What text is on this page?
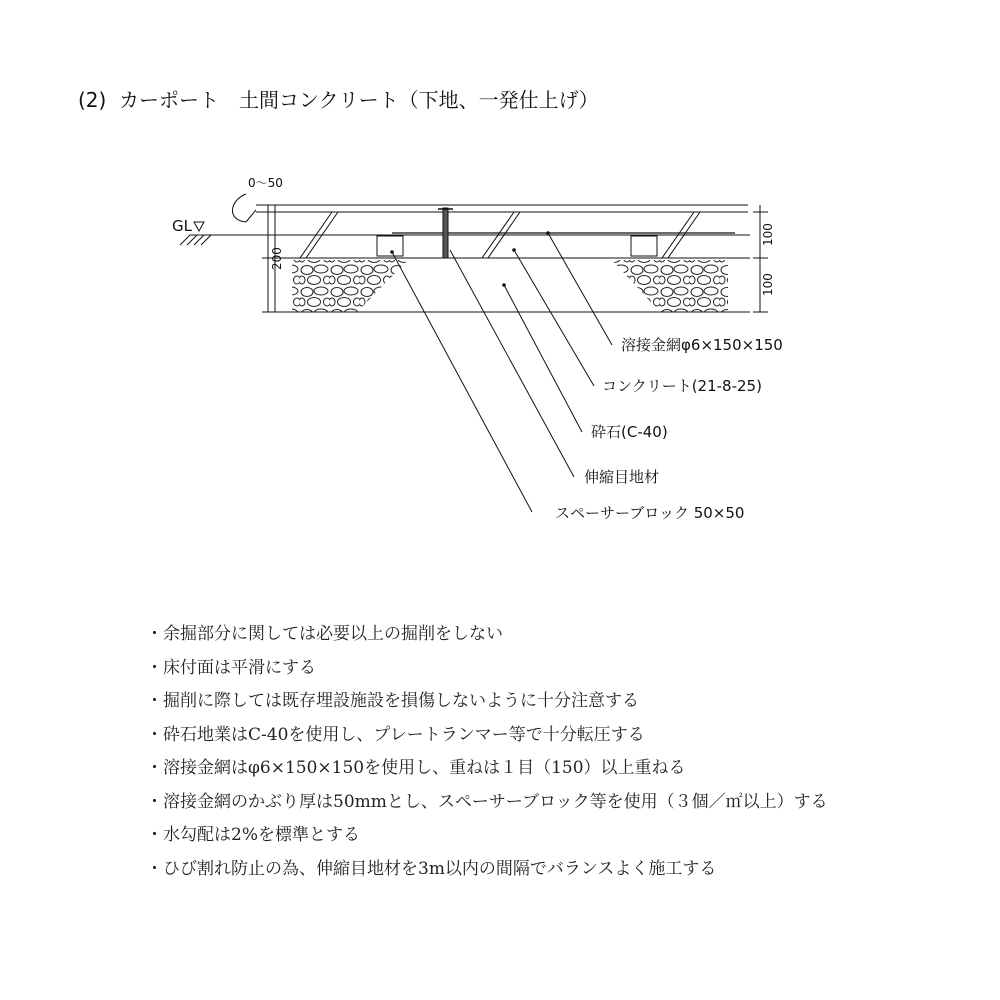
(2)  カーポート　土間コンクリート（下地、一発仕上げ）
GL
0〜50
200
100
100
溶接金網φ6×150×150
コンクリート(21-8-25)
砕石(C-40)
伸縮目地材
スペーサーブロック 50×50
・余掘部分に関しては必要以上の掘削をしない
・床付面は平滑にする
・掘削に際しては既存埋設施設を損傷しないように十分注意する
・砕石地業はC-40を使用し、プレートランマー等で十分転圧する
・溶接金網はφ6×150×150を使用し、重ねは１目（150）以上重ねる
・溶接金網のかぶり厚は50mmとし、スペーサーブロック等を使用（３個／㎡以上）する
・水勾配は2%を標準とする
・ひび割れ防止の為、伸縮目地材を3m以内の間隔でバランスよく施工する
